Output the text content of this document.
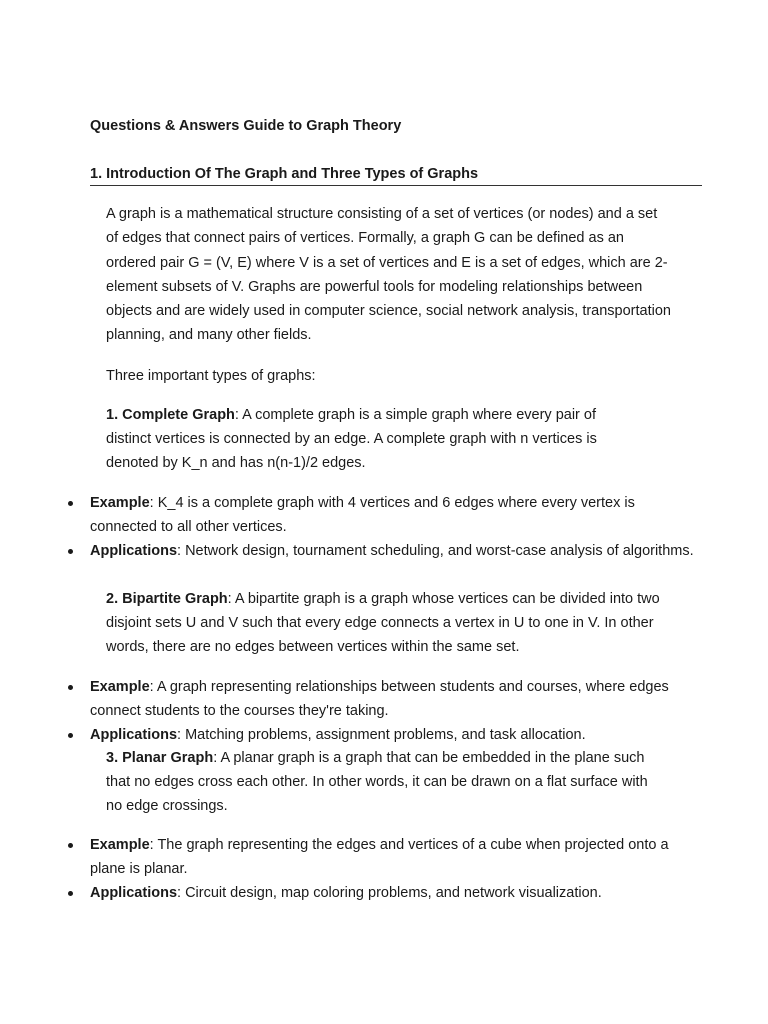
Questions & Answers Guide to Graph Theory
1. Introduction Of The Graph and Three Types of Graphs

A graph is a mathematical structure consisting of a set of vertices (or nodes) and a set of edges that connect pairs of vertices. Formally, a graph G can be defined as an ordered pair G = (V, E) where V is a set of vertices and E is a set of edges, which are 2-element subsets of V. Graphs are powerful tools for modeling relationships between objects and are widely used in computer science, social network analysis, transportation planning, and many other fields.

Three important types of graphs:

1. Complete Graph: A complete graph is a simple graph where every pair of distinct vertices is connected by an edge. A complete graph with n vertices is denoted by K_n and has n(n-1)/2 edges.

Example: K_4 is a complete graph with 4 vertices and 6 edges where every vertex is connected to all other vertices.
Applications: Network design, tournament scheduling, and worst-case analysis of algorithms.

2. Bipartite Graph: A bipartite graph is a graph whose vertices can be divided into two disjoint sets U and V such that every edge connects a vertex in U to one in V. In other words, there are no edges between vertices within the same set.

Example: A graph representing relationships between students and courses, where edges connect students to the courses they're taking.
Applications: Matching problems, assignment problems, and task allocation.

3. Planar Graph: A planar graph is a graph that can be embedded in the plane such that no edges cross each other. In other words, it can be drawn on a flat surface with no edge crossings.

Example: The graph representing the edges and vertices of a cube when projected onto a plane is planar.
Applications: Circuit design, map coloring problems, and network visualization.
